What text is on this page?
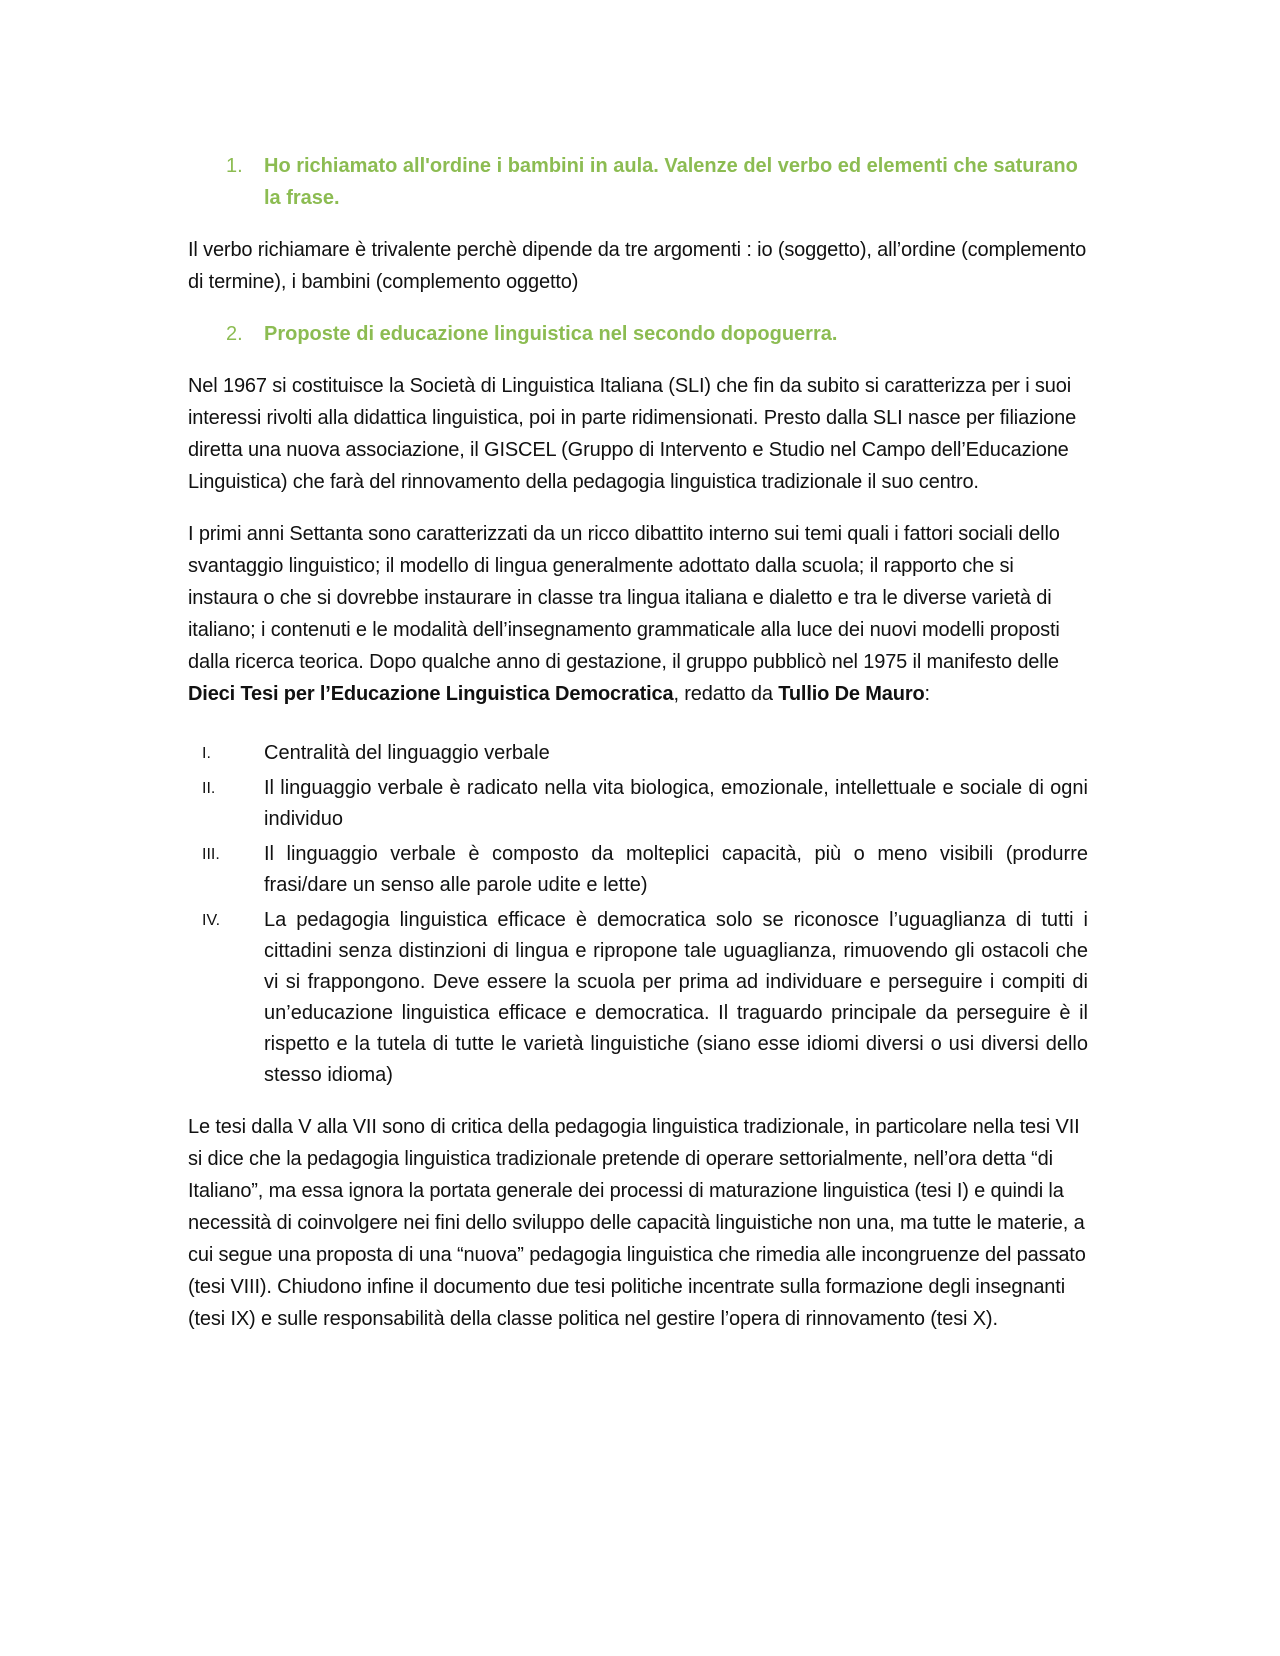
1.	Ho richiamato all'ordine i bambini in aula. Valenze del verbo ed elementi che saturano la frase.

Il verbo richiamare è trivalente perchè dipende da tre argomenti : io (soggetto), all’ordine (complemento di termine), i bambini (complemento oggetto)

2.	Proposte di educazione linguistica nel secondo dopoguerra.

Nel 1967 si costituisce la Società di Linguistica Italiana (SLI) che fin da subito si caratterizza per i suoi interessi rivolti alla didattica linguistica, poi in parte ridimensionati. Presto dalla SLI nasce per filiazione diretta una nuova associazione, il GISCEL (Gruppo di Intervento e Studio nel Campo dell’Educazione Linguistica) che farà del rinnovamento della pedagogia linguistica tradizionale il suo centro.

I primi anni Settanta sono caratterizzati da un ricco dibattito interno sui temi quali i fattori sociali dello svantaggio linguistico; il modello di lingua generalmente adottato dalla scuola; il rapporto che si instaura o che si dovrebbe instaurare in classe tra lingua italiana e dialetto e tra le diverse varietà di italiano; i contenuti e le modalità dell’insegnamento grammaticale alla luce dei nuovi modelli proposti dalla ricerca teorica. Dopo qualche anno di gestazione, il gruppo pubblicò nel 1975 il manifesto delle Dieci Tesi per l’Educazione Linguistica Democratica, redatto da Tullio De Mauro:

I.	Centralità del linguaggio verbale
II.	Il linguaggio verbale è radicato nella vita biologica, emozionale, intellettuale e sociale di ogni individuo
III.	Il linguaggio verbale è composto da molteplici capacità, più o meno visibili (produrre frasi/dare un senso alle parole udite e lette)
IV.	La pedagogia linguistica efficace è democratica solo se riconosce l’uguaglianza di tutti i cittadini senza distinzioni di lingua e ripropone tale uguaglianza, rimuovendo gli ostacoli che vi si frappongono. Deve essere la scuola per prima ad individuare e perseguire i compiti di un’educazione linguistica efficace e democratica. Il traguardo principale da perseguire è il rispetto e la tutela di tutte le varietà linguistiche (siano esse idiomi diversi o usi diversi dello stesso idioma)

Le tesi dalla V alla VII sono di critica della pedagogia linguistica tradizionale, in particolare nella tesi VII si dice che la pedagogia linguistica tradizionale pretende di operare settorialmente, nell’ora detta “di Italiano”, ma essa ignora la portata generale dei processi di maturazione linguistica (tesi I) e quindi la necessità di coinvolgere nei fini dello sviluppo delle capacità linguistiche non una, ma tutte le materie, a cui segue una proposta di una “nuova” pedagogia linguistica che rimedia alle incongruenze del passato (tesi VIII). Chiudono infine il documento due tesi politiche incentrate sulla formazione degli insegnanti (tesi IX) e sulle responsabilità della classe politica nel gestire l’opera di rinnovamento (tesi X).
